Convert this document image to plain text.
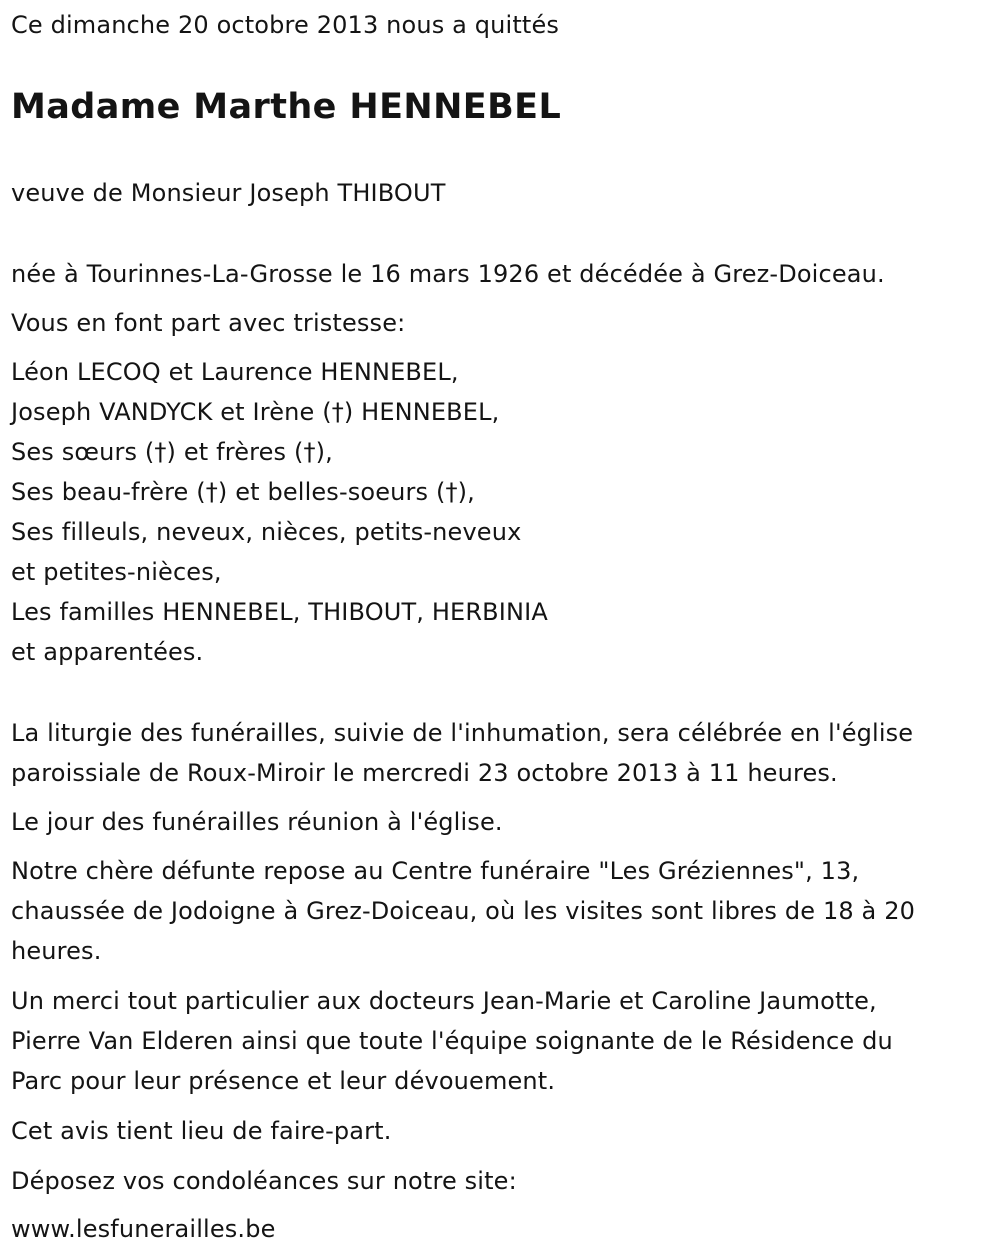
Ce dimanche 20 octobre 2013 nous a quittés
Madame Marthe HENNEBEL
veuve de Monsieur Joseph THIBOUT
née à Tourinnes-La-Grosse le 16 mars 1926 et décédée à Grez-Doiceau.
Vous en font part avec tristesse:
Léon LECOQ et Laurence HENNEBEL,
Joseph VANDYCK et Irène (†) HENNEBEL,
Ses sœurs (†) et frères (†),
Ses beau-frère (†) et belles-soeurs (†),
Ses filleuls, neveux, nièces, petits-neveux
et petites-nièces,
Les familles HENNEBEL, THIBOUT, HERBINIA
et apparentées.
La liturgie des funérailles, suivie de l'inhumation, sera célébrée en l'église
paroissiale de Roux-Miroir le mercredi 23 octobre 2013 à 11 heures.
Le jour des funérailles réunion à l'église.
Notre chère défunte repose au Centre funéraire "Les Gréziennes", 13,
chaussée de Jodoigne à Grez-Doiceau, où les visites sont libres de 18 à 20
heures.
Un merci tout particulier aux docteurs Jean-Marie et Caroline Jaumotte,
Pierre Van Elderen ainsi que toute l'équipe soignante de le Résidence du
Parc pour leur présence et leur dévouement.
Cet avis tient lieu de faire-part.
Déposez vos condoléances sur notre site:
www.lesfunerailles.be
